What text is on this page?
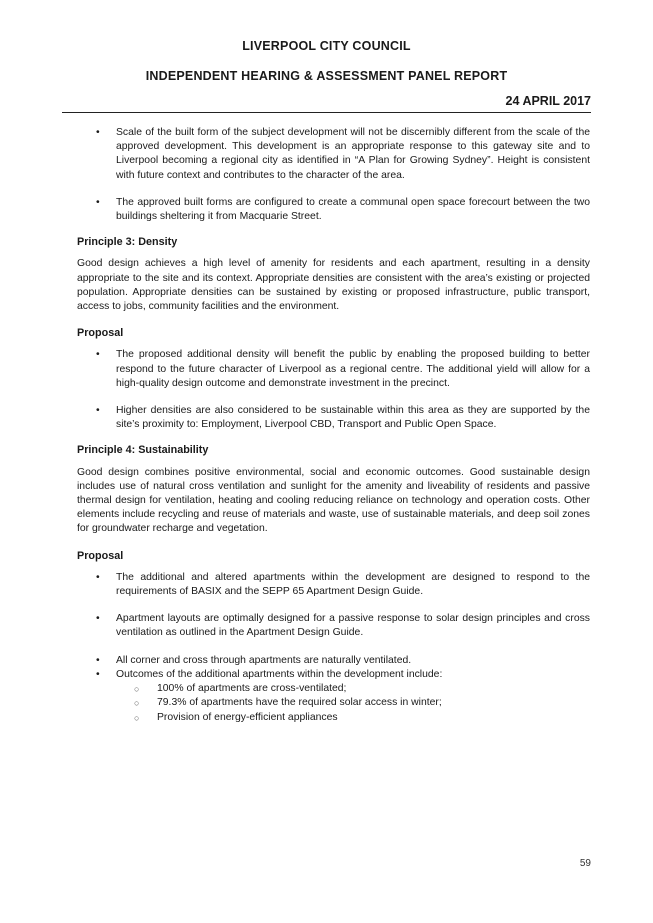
LIVERPOOL CITY COUNCIL
INDEPENDENT HEARING & ASSESSMENT PANEL REPORT
24 APRIL 2017
• Scale of the built form of the subject development will not be discernibly different from the scale of the approved development. This development is an appropriate response to this gateway site and to Liverpool becoming a regional city as identified in “A Plan for Growing Sydney”. Height is consistent with future context and contributes to the character of the area.
• The approved built forms are configured to create a communal open space forecourt between the two buildings sheltering it from Macquarie Street.
Principle 3: Density

Good design achieves a high level of amenity for residents and each apartment, resulting in a density appropriate to the site and its context. Appropriate densities are consistent with the area’s existing or projected population. Appropriate densities can be sustained by existing or proposed infrastructure, public transport, access to jobs, community facilities and the environment.

Proposal
• The proposed additional density will benefit the public by enabling the proposed building to better respond to the future character of Liverpool as a regional centre. The additional yield will allow for a high-quality design outcome and demonstrate investment in the precinct.
• Higher densities are also considered to be sustainable within this area as they are supported by the site’s proximity to: Employment, Liverpool CBD, Transport and Public Open Space.
Principle 4: Sustainability

Good design combines positive environmental, social and economic outcomes. Good sustainable design includes use of natural cross ventilation and sunlight for the amenity and liveability of residents and passive thermal design for ventilation, heating and cooling reducing reliance on technology and operation costs. Other elements include recycling and reuse of materials and waste, use of sustainable materials, and deep soil zones for groundwater recharge and vegetation.

Proposal
• The additional and altered apartments within the development are designed to respond to the requirements of BASIX and the SEPP 65 Apartment Design Guide.
• Apartment layouts are optimally designed for a passive response to solar design principles and cross ventilation as outlined in the Apartment Design Guide.
• All corner and cross through apartments are naturally ventilated.
• Outcomes of the additional apartments within the development include:
○ 100% of apartments are cross-ventilated;
○ 79.3% of apartments have the required solar access in winter;
○ Provision of energy-efficient appliances
59
